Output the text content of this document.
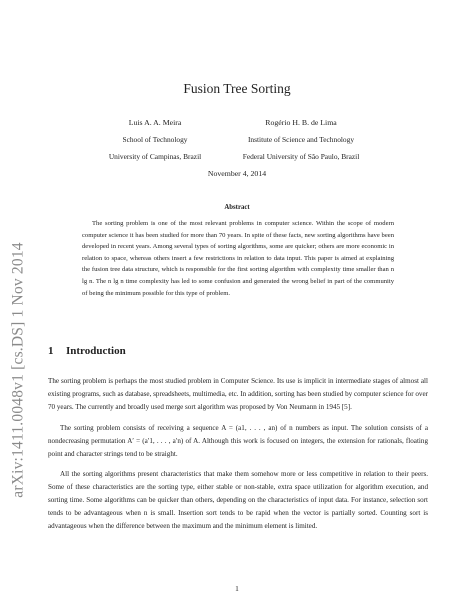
arXiv:1411.0048v1 [cs.DS] 1 Nov 2014
Fusion Tree Sorting
Luis A. A. Meira
School of Technology
University of Campinas, Brazil
Rogério H. B. de Lima
Institute of Science and Technology
Federal University of São Paulo, Brazil
November 4, 2014
Abstract

The sorting problem is one of the most relevant problems in computer science. Within the scope of modern computer science it has been studied for more than 70 years. In spite of these facts, new sorting algorithms have been developed in recent years. Among several types of sorting algorithms, some are quicker; others are more economic in relation to space, whereas others insert a few restrictions in relation to data input. This paper is aimed at explaining the fusion tree data structure, which is responsible for the first sorting algorithm with complexity time smaller than n lg n. The n lg n time complexity has led to some confusion and generated the wrong belief in part of the community of being the minimum possible for this type of problem.

1 Introduction

The sorting problem is perhaps the most studied problem in Computer Science. Its use is implicit in intermediate stages of almost all existing programs, such as database, spreadsheets, multimedia, etc. In addition, sorting has been studied by computer science for over 70 years. The currently and broadly used merge sort algorithm was proposed by Von Neumann in 1945 [5].

The sorting problem consists of receiving a sequence A = (a1, . . . , an) of n numbers as input. The solution consists of a nondecreasing permutation A′ = (a′1, . . . , a′n) of A. Although this work is focused on integers, the extension for rationals, floating point and character strings tend to be straight.

All the sorting algorithms present characteristics that make them somehow more or less competitive in relation to their peers. Some of these characteristics are the sorting type, either stable or non-stable, extra space utilization for algorithm execution, and sorting time. Some algorithms can be quicker than others, depending on the characteristics of input data. For instance, selection sort tends to be advantageous when n is small. Insertion sort tends to be rapid when the vector is partially sorted. Counting sort is advantageous when the difference between the maximum and the minimum element is limited.

1
